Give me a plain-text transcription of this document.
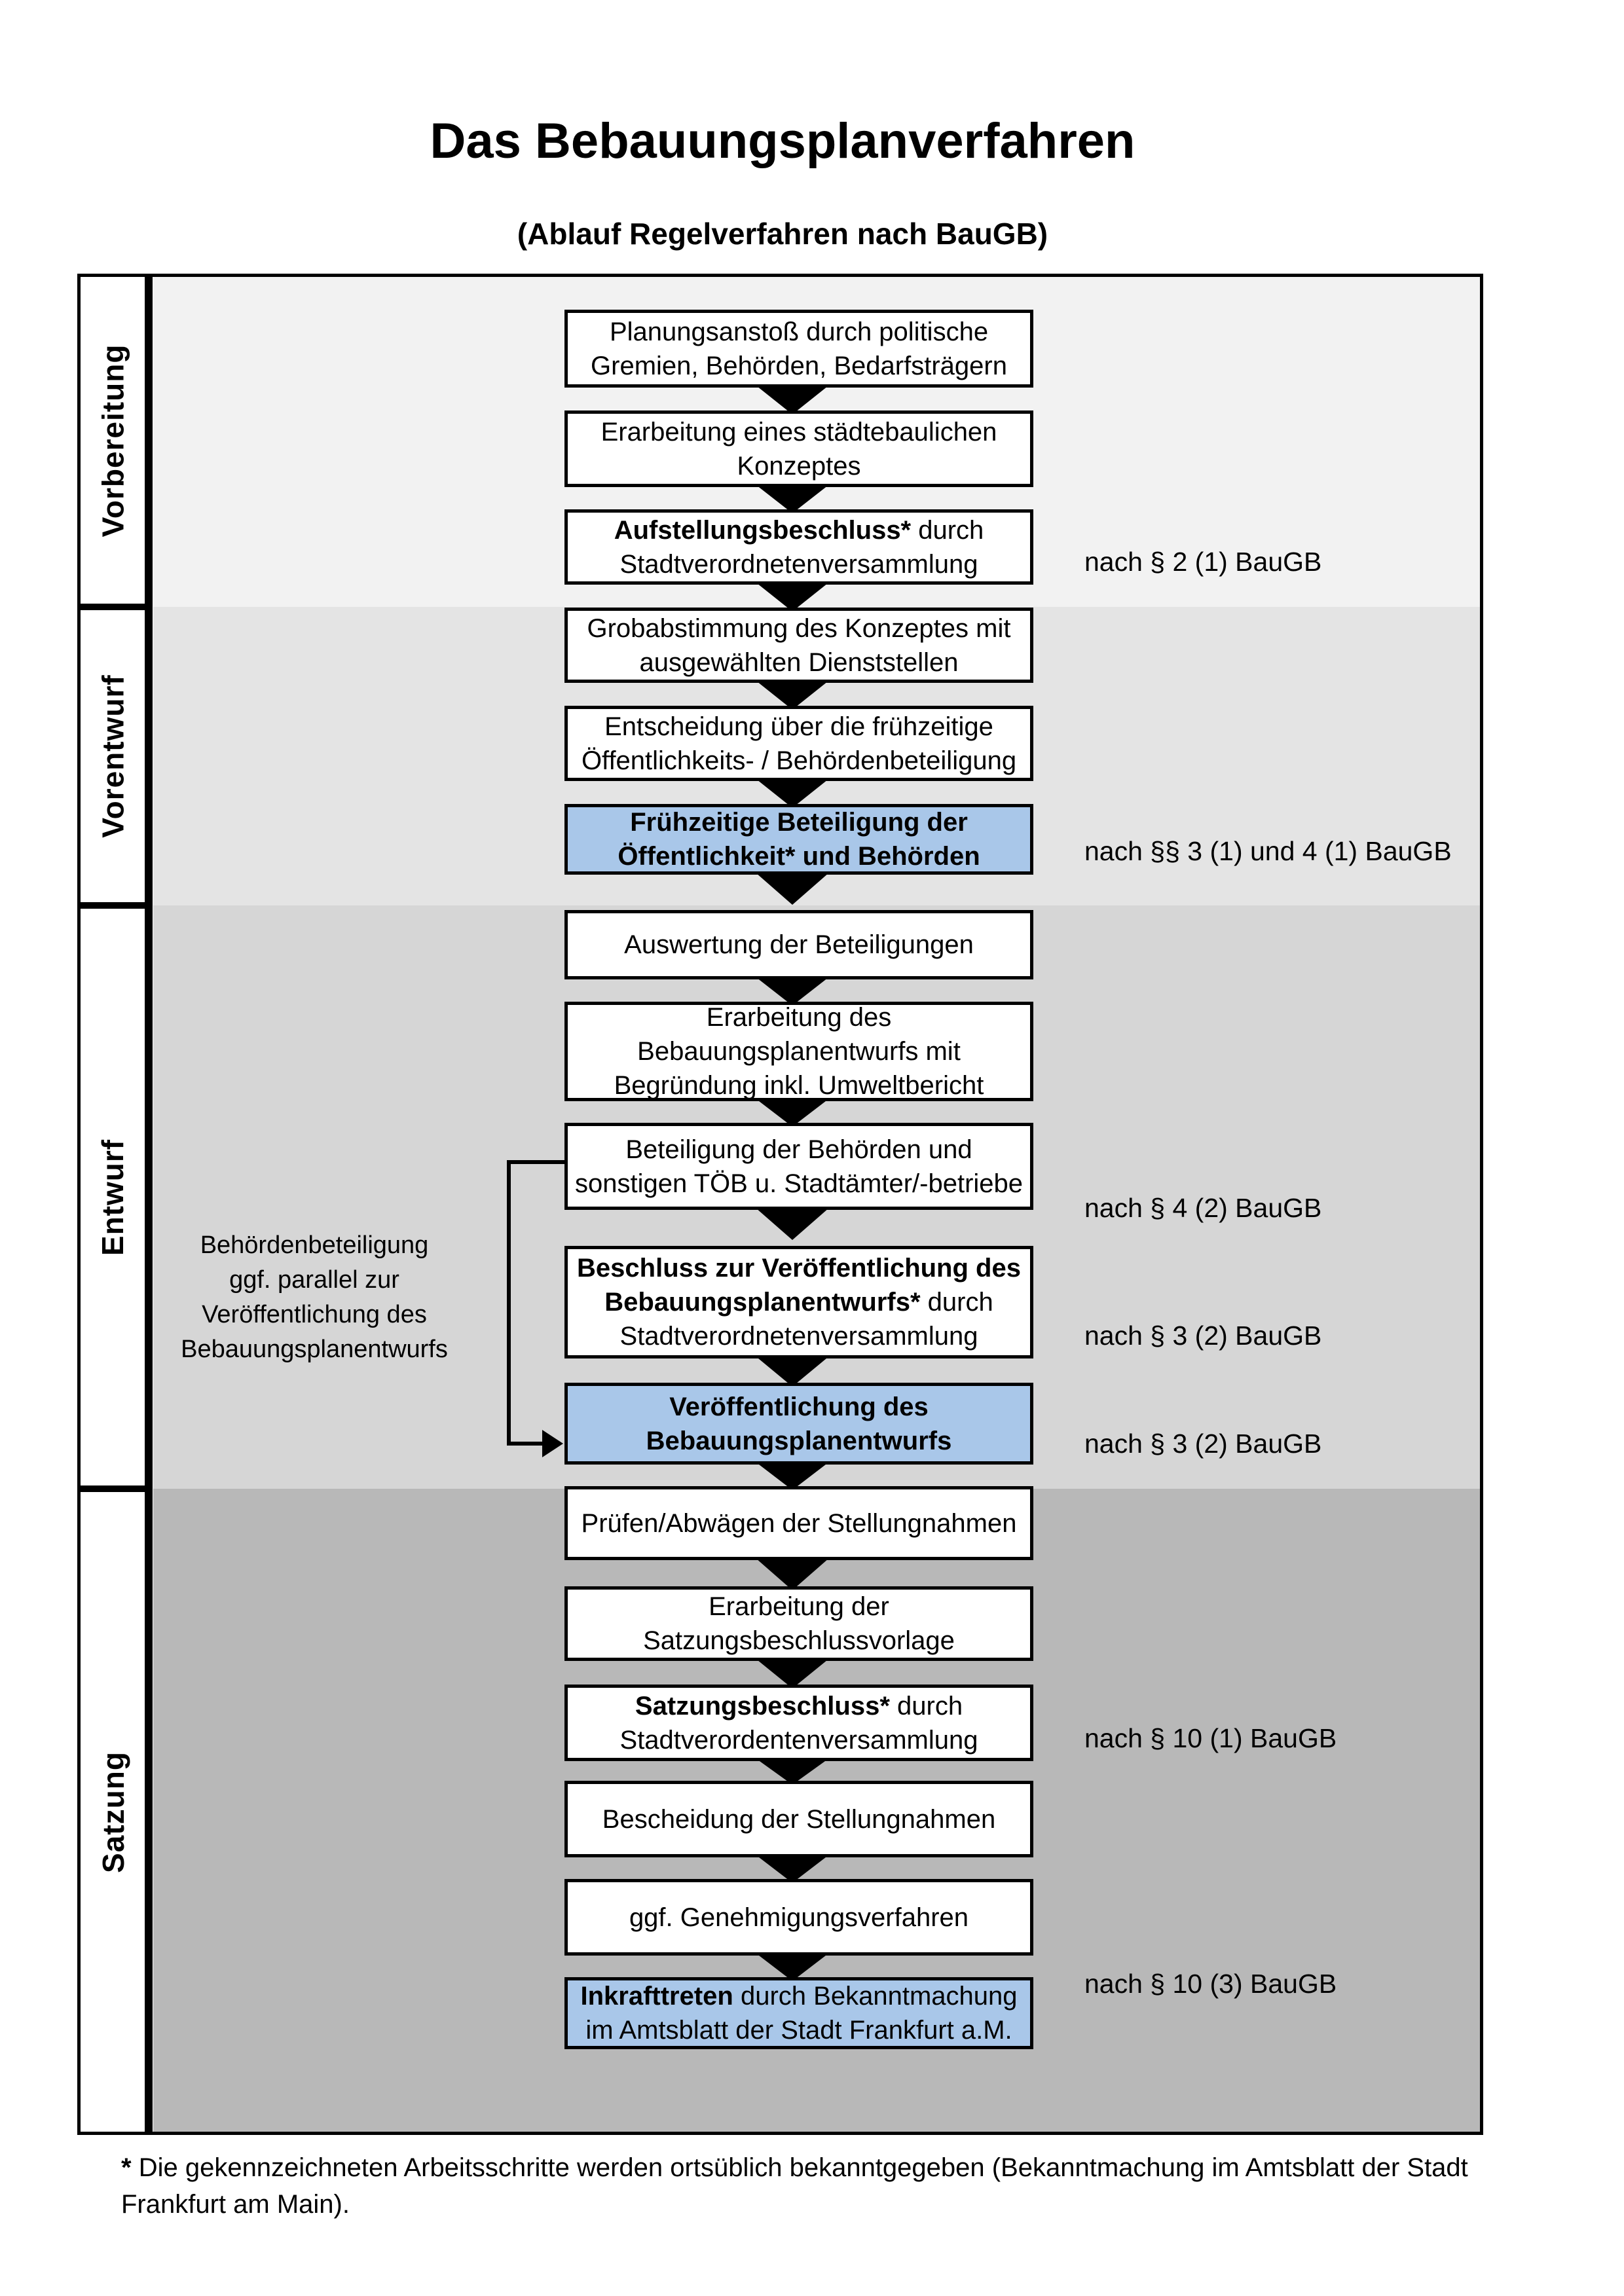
Das Bebauungsplanverfahren
(Ablauf Regelverfahren nach BauGB)
Vorbereitung
Vorentwurf
Entwurf
Satzung
Planungsanstoß durch politische
Gremien, Behörden, Bedarfsträgern
Erarbeitung eines städtebaulichen
Konzeptes
Aufstellungsbeschluss* durch
Stadtverordnetenversammlung
Grobabstimmung des Konzeptes mit
ausgewählten Dienststellen
Entscheidung über die frühzeitige
Öffentlichkeits- / Behördenbeteiligung
Frühzeitige Beteiligung der
Öffentlichkeit* und Behörden
Auswertung der Beteiligungen
Erarbeitung des
Bebauungsplanentwurfs mit
Begründung inkl. Umweltbericht
Beteiligung der Behörden und
sonstigen TÖB u. Stadtämter/-betriebe
Beschluss zur Veröffentlichung des
Bebauungsplanentwurfs* durch
Stadtverordnetenversammlung
Veröffentlichung des
Bebauungsplanentwurfs
Prüfen/Abwägen der Stellungnahmen
Erarbeitung der
Satzungsbeschlussvorlage
Satzungsbeschluss* durch
Stadtverordentenversammlung
Bescheidung der Stellungnahmen
ggf. Genehmigungsverfahren
Inkrafttreten durch Bekanntmachung
im Amtsblatt der Stadt Frankfurt a.M.
nach § 2 (1) BauGB
nach §§ 3 (1) und 4 (1) BauGB
nach § 4 (2) BauGB
nach § 3 (2) BauGB
nach § 3 (2) BauGB
nach § 10 (1) BauGB
nach § 10 (3) BauGB
Behördenbeteiligung
ggf. parallel zur
Veröffentlichung des
Bebauungsplanentwurfs
* Die gekennzeichneten Arbeitsschritte werden ortsüblich bekanntgegeben (Bekanntmachung im Amtsblatt der Stadt Frankfurt am Main).
